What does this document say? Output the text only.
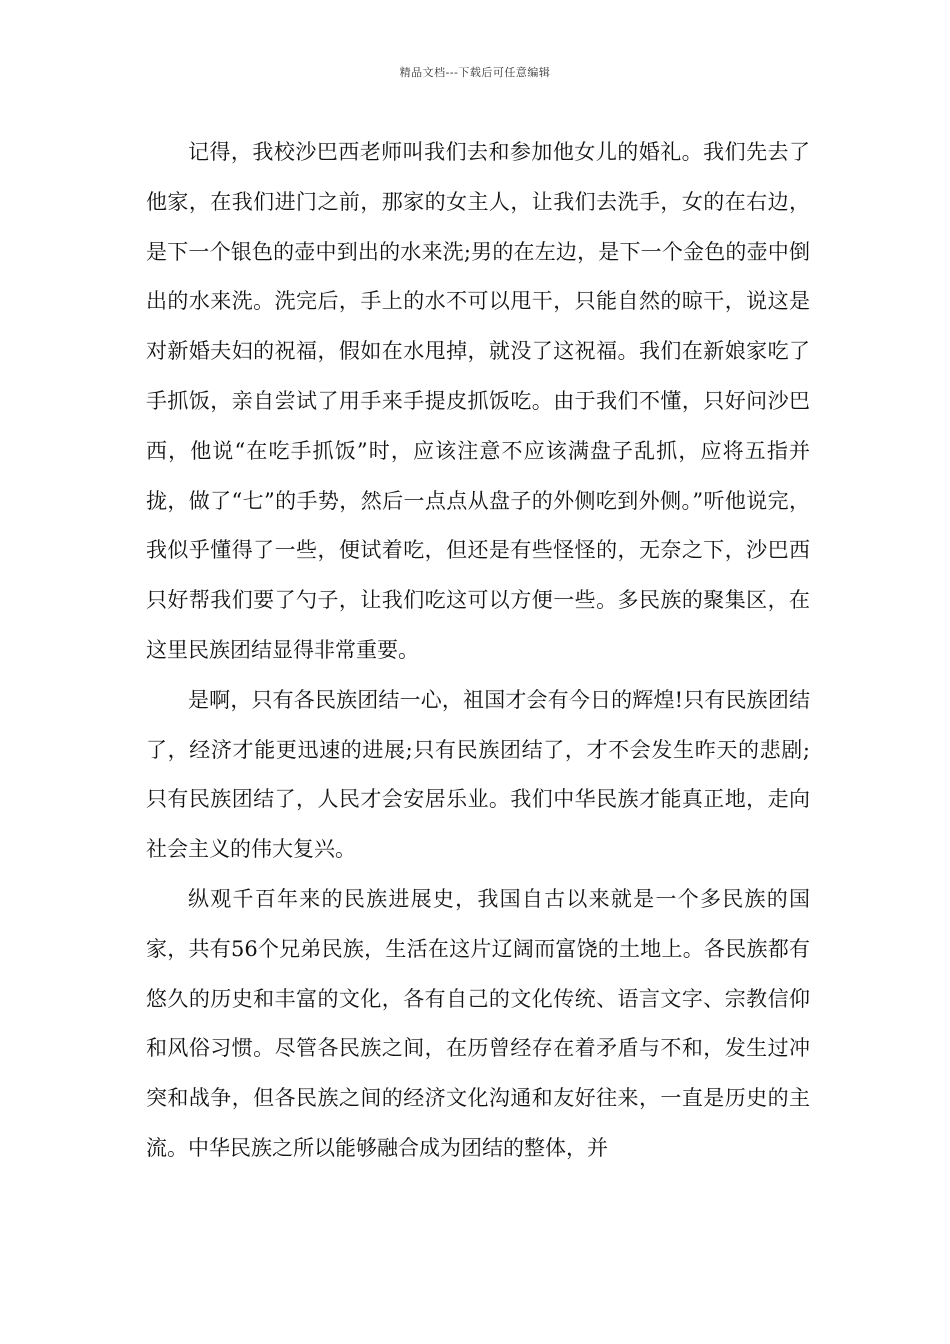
精品文档---下载后可任意编辑

记得，我校沙巴西老师叫我们去和参加他女儿的婚礼。我们先去了他家，在我们进门之前，那家的女主人，让我们去洗手，女的在右边，是下一个银色的壶中到出的水来洗;男的在左边，是下一个金色的壶中倒出的水来洗。洗完后，手上的水不可以甩干，只能自然的晾干，说这是对新婚夫妇的祝福，假如在水甩掉，就没了这祝福。我们在新娘家吃了手抓饭，亲自尝试了用手来手提皮抓饭吃。由于我们不懂，只好问沙巴西，他说“在吃手抓饭”时，应该注意不应该满盘子乱抓，应将五指并拢，做了“七”的手势，然后一点点从盘子的外侧吃到外侧。”听他说完，我似乎懂得了一些，便试着吃，但还是有些怪怪的，无奈之下，沙巴西只好帮我们要了勺子，让我们吃这可以方便一些。多民族的聚集区，在这里民族团结显得非常重要。

是啊，只有各民族团结一心，祖国才会有今日的辉煌!只有民族团结了，经济才能更迅速的进展;只有民族团结了，才不会发生昨天的悲剧;只有民族团结了，人民才会安居乐业。我们中华民族才能真正地，走向社会主义的伟大复兴。

纵观千百年来的民族进展史，我国自古以来就是一个多民族的国家，共有56个兄弟民族，生活在这片辽阔而富饶的土地上。各民族都有悠久的历史和丰富的文化，各有自己的文化传统、语言文字、宗教信仰和风俗习惯。尽管各民族之间，在历曾经存在着矛盾与不和，发生过冲突和战争，但各民族之间的经济文化沟通和友好往来，一直是历史的主流。中华民族之所以能够融合成为团结的整体，并
